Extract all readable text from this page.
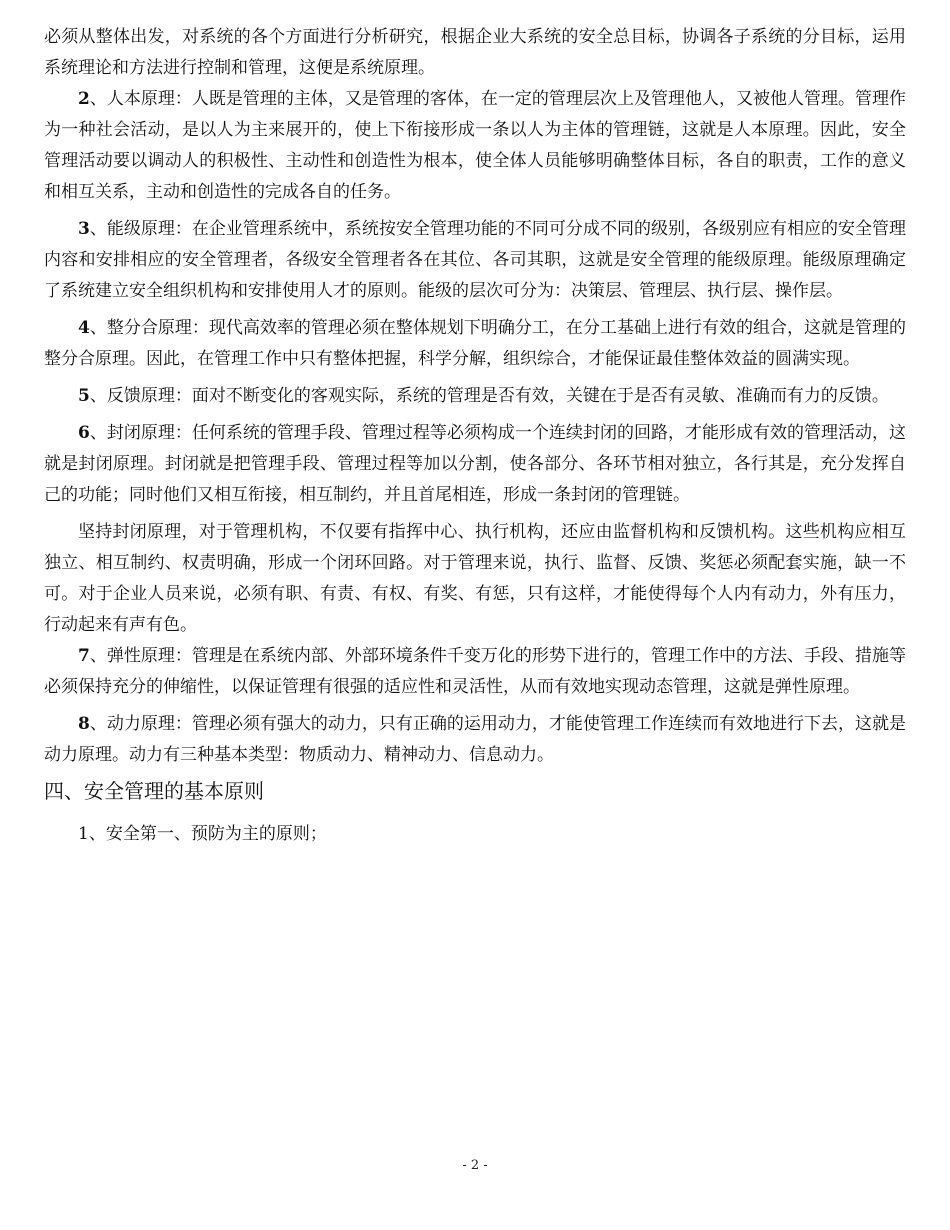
必须从整体出发，对系统的各个方面进行分析研究，根据企业大系统的安全总目标，协调各子系统的分目标，运用系统理论和方法进行控制和管理，这便是系统原理。

2、人本原理：人既是管理的主体，又是管理的客体，在一定的管理层次上及管理他人，又被他人管理。管理作为一种社会活动，是以人为主来展开的，使上下衔接形成一条以人为主体的管理链，这就是人本原理。因此，安全管理活动要以调动人的积极性、主动性和创造性为根本，使全体人员能够明确整体目标，各自的职责，工作的意义和相互关系，主动和创造性的完成各自的任务。

3、能级原理：在企业管理系统中，系统按安全管理功能的不同可分成不同的级别，各级别应有相应的安全管理内容和安排相应的安全管理者，各级安全管理者各在其位、各司其职，这就是安全管理的能级原理。能级原理确定了系统建立安全组织机构和安排使用人才的原则。能级的层次可分为：决策层、管理层、执行层、操作层。

4、整分合原理：现代高效率的管理必须在整体规划下明确分工，在分工基础上进行有效的组合，这就是管理的整分合原理。因此，在管理工作中只有整体把握，科学分解，组织综合，才能保证最佳整体效益的圆满实现。

5、反馈原理：面对不断变化的客观实际，系统的管理是否有效，关键在于是否有灵敏、准确而有力的反馈。

6、封闭原理：任何系统的管理手段、管理过程等必须构成一个连续封闭的回路，才能形成有效的管理活动，这就是封闭原理。封闭就是把管理手段、管理过程等加以分割，使各部分、各环节相对独立，各行其是，充分发挥自己的功能；同时他们又相互衔接，相互制约，并且首尾相连，形成一条封闭的管理链。

坚持封闭原理，对于管理机构，不仅要有指挥中心、执行机构，还应由监督机构和反馈机构。这些机构应相互独立、相互制约、权责明确，形成一个闭环回路。对于管理来说，执行、监督、反馈、奖惩必须配套实施，缺一不可。对于企业人员来说，必须有职、有责、有权、有奖、有惩，只有这样，才能使得每个人内有动力，外有压力，行动起来有声有色。

7、弹性原理：管理是在系统内部、外部环境条件千变万化的形势下进行的，管理工作中的方法、手段、措施等必须保持充分的伸缩性，以保证管理有很强的适应性和灵活性，从而有效地实现动态管理，这就是弹性原理。

8、动力原理：管理必须有强大的动力，只有正确的运用动力，才能使管理工作连续而有效地进行下去，这就是动力原理。动力有三种基本类型：物质动力、精神动力、信息动力。

四、安全管理的基本原则

1、安全第一、预防为主的原则；

- 2 -
